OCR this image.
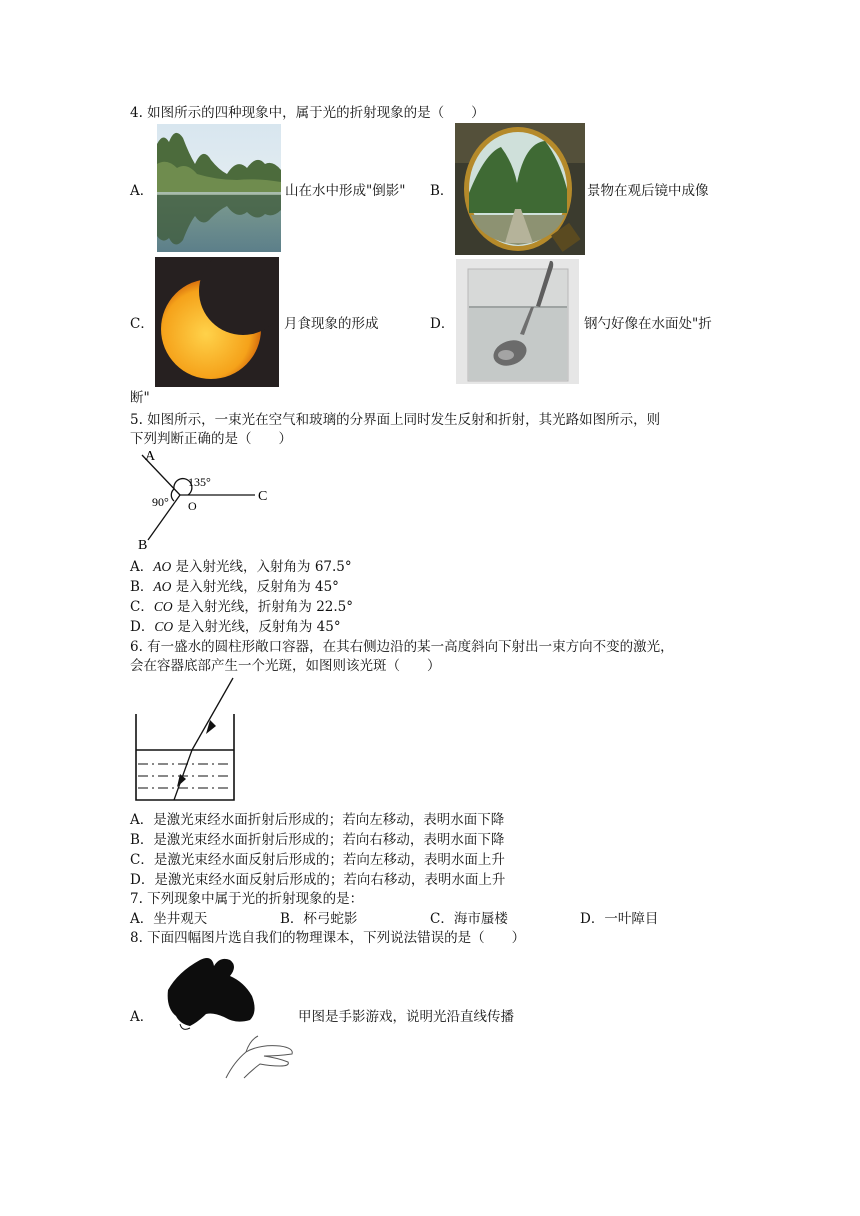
4. 如图所示的四种现象中，属于光的折射现象的是（　　）
A．	山在水中形成"倒影" B．	景物在观后镜中成像
C．	月食现象的形成	D．	钢勺好像在水面处"折
断"
5. 如图所示，一束光在空气和玻璃的分界面上同时发生反射和折射，其光路如图所示，则
下列判断正确的是（　　）
A
C
B
O
135°
90°
A．AO 是入射光线，入射角为 67.5°
B．AO 是入射光线，反射角为 45°
C．CO 是入射光线，折射角为 22.5°
D．CO 是入射光线，反射角为 45°
6. 有一盛水的圆柱形敞口容器，在其右侧边沿的某一高度斜向下射出一束方向不变的激光，
会在容器底部产生一个光斑，如图则该光斑（　　）
A．是激光束经水面折射后形成的；若向左移动，表明水面下降
B．是激光束经水面折射后形成的；若向右移动，表明水面下降
C．是激光束经水面反射后形成的；若向左移动，表明水面上升
D．是激光束经水面反射后形成的；若向右移动，表明水面上升
7. 下列现象中属于光的折射现象的是：
A．坐井观天	B．杯弓蛇影	C．海市蜃楼	D．一叶障目
8. 下面四幅图片选自我们的物理课本，下列说法错误的是（　　）
A．	甲图是手影游戏，说明光沿直线传播
